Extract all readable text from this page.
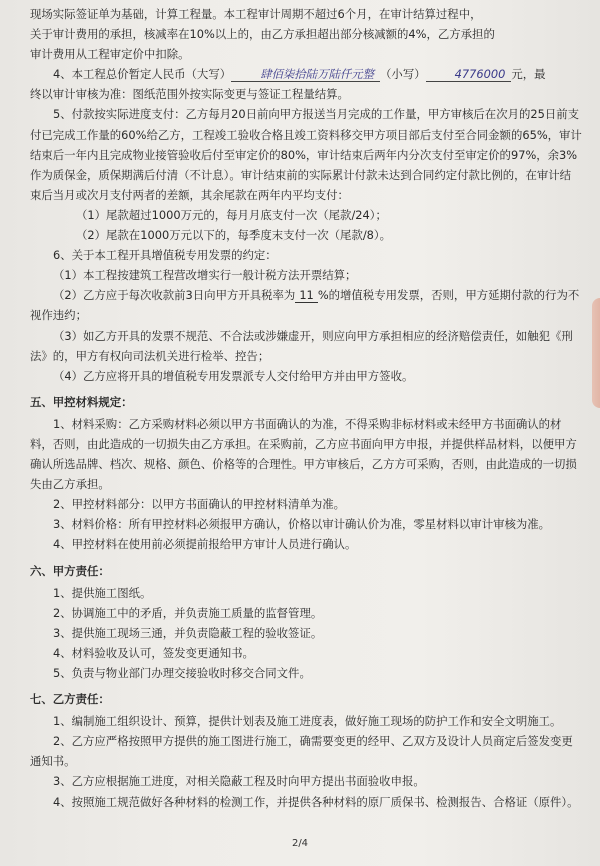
现场实际签证单为基础，计算工程量。本工程审计周期不超过6个月，在审计结算过程中，

关于审计费用的承担，核减率在10%以上的，由乙方承担超出部分核减额的4%，乙方承担的

审计费用从工程审定价中扣除。

4、本工程总价暂定人民币（大写）	肆佰柒拾陆万陆仟元整 （小写）	4776000 元，最

终以审计审核为准：图纸范围外按实际变更与签证工程量结算。

5、付款按实际进度支付：乙方每月20日前向甲方报送当月完成的工作量，甲方审核后在次月的25日前支付已完成工作量的60%给乙方，工程竣工验收合格且竣工资料移交甲方项目部后支付至合同金额的65%，审计结束后一年内且完成物业接管验收后付至审定价的80%，审计结束后两年内分次支付至审定价的97%，余3%作为质保金，质保期满后付清（不计息）。审计结束前的实际累计付款未达到合同约定付款比例的，在审计结束后当月或次月支付两者的差额，其余尾款在两年内平均支付：

（1）尾款超过1000万元的，每月月底支付一次（尾款/24）；

（2）尾款在1000万元以下的，每季度末支付一次（尾款/8）。

6、关于本工程开具增值税专用发票的约定：

（1）本工程按建筑工程营改增实行一般计税方法开票结算；

（2）乙方应于每次收款前3日向甲方开具税率为 11 %的增值税专用发票，否则，甲方延期付款的行为不视作违约；

（3）如乙方开具的发票不规范、不合法或涉嫌虚开，则应向甲方承担相应的经济赔偿责任，如触犯《刑法》的，甲方有权向司法机关进行检举、控告；

（4）乙方应将开具的增值税专用发票派专人交付给甲方并由甲方签收。

五、甲控材料规定：

1、材料采购：乙方采购材料必须以甲方书面确认的为准，不得采购非标材料或未经甲方书面确认的材料，否则，由此造成的一切损失由乙方承担。在采购前，乙方应书面向甲方申报，并提供样品材料，以便甲方确认所选品牌、档次、规格、颜色、价格等的合理性。甲方审核后，乙方方可采购，否则，由此造成的一切损失由乙方承担。

2、甲控材料部分：以甲方书面确认的甲控材料清单为准。

3、材料价格：所有甲控材料必须报甲方确认，价格以审计确认价为准，零星材料以审计审核为准。

4、甲控材料在使用前必须提前报给甲方审计人员进行确认。

六、甲方责任：

1、提供施工图纸。

2、协调施工中的矛盾，并负责施工质量的监督管理。

3、提供施工现场三通，并负责隐蔽工程的验收签证。

4、材料验收及认可，签发变更通知书。

5、负责与物业部门办理交接验收时移交合同文件。

七、乙方责任：

1、编制施工组织设计、预算，提供计划表及施工进度表，做好施工现场的防护工作和安全文明施工。

2、乙方应严格按照甲方提供的施工图进行施工，确需要变更的经甲、乙双方及设计人员商定后签发变更通知书。

3、乙方应根据施工进度，对相关隐蔽工程及时向甲方提出书面验收申报。

4、按照施工规范做好各种材料的检测工作，并提供各种材料的原厂质保书、检测报告、合格证（原件）。

2/4
